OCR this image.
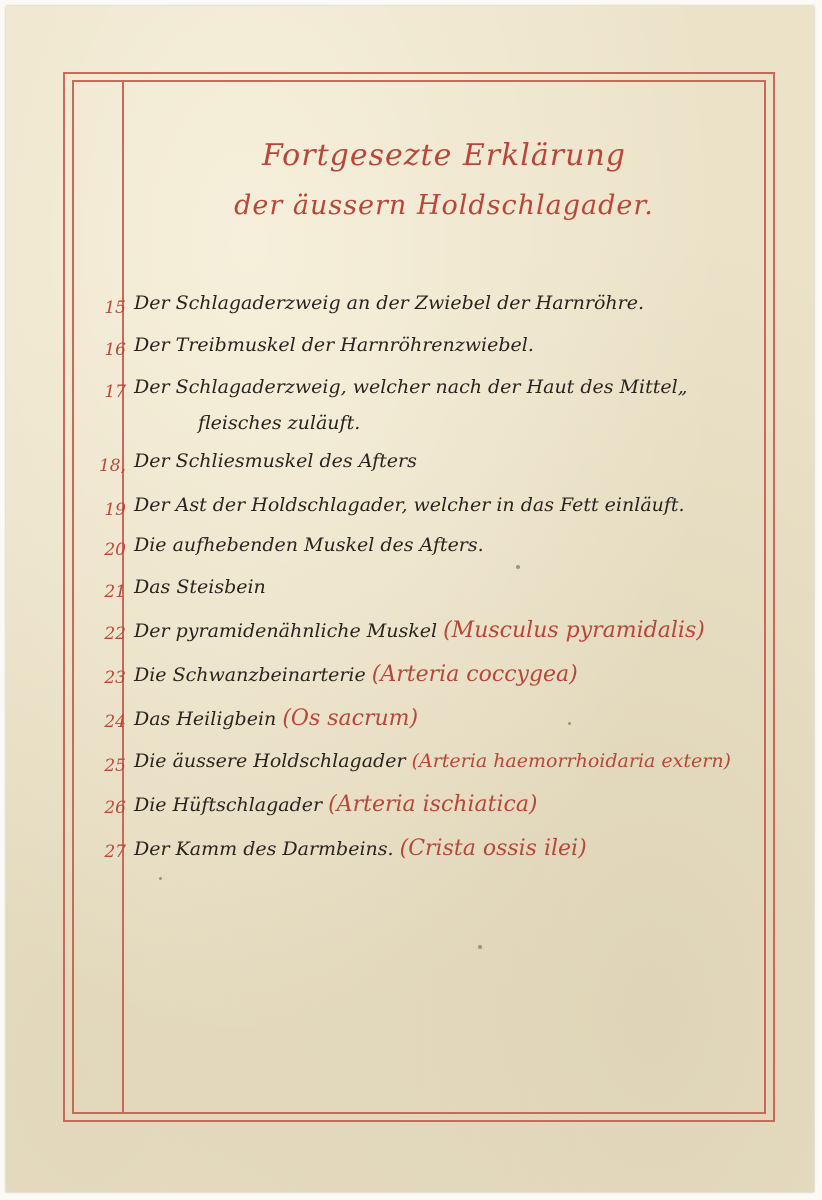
Fortgesezte Erklärung
der äussern Holdschlagader.
15 Der Schlagaderzweig an der Zwiebel der Harnröhre.
16 Der Treibmuskel der Harnröhrenzwiebel.
17 Der Schlagaderzweig, welcher nach der Haut des Mittel„
fleisches zuläuft.
18, Der Schliesmuskel des Afters
19 Der Ast der Holdschlagader, welcher in das Fett einläuft.
20 Die aufhebenden Muskel des Afters.
21 Das Steisbein
22 Der pyramidenähnliche Muskel (Musculus pyramidalis)
23 Die Schwanzbeinarterie (Arteria coccygea)
24 Das Heiligbein (Os sacrum)
25 Die äussere Holdschlagader (Arteria haemorrhoidaria extern)
26 Die Hüftschlagader (Arteria ischiatica)
27 Der Kamm des Darmbeins. (Crista ossis ilei)
